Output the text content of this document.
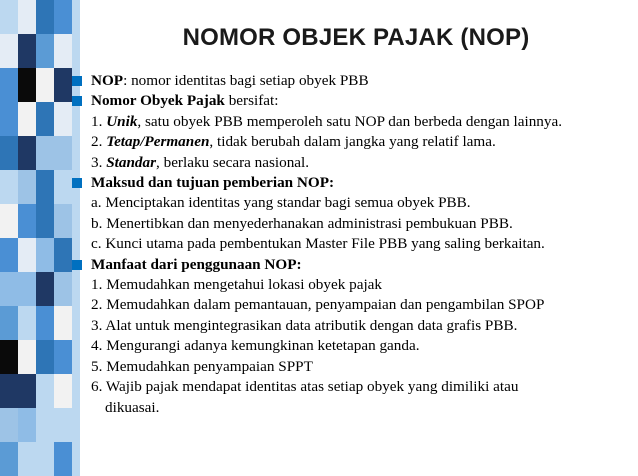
NOMOR OBJEK PAJAK (NOP)
NOP: nomor identitas bagi setiap obyek PBB
Nomor Obyek Pajak bersifat:
1. Unik, satu obyek PBB memperoleh satu NOP dan berbeda dengan lainnya.
2. Tetap/Permanen, tidak berubah dalam jangka yang relatif lama.
3. Standar, berlaku secara nasional.
Maksud dan tujuan pemberian NOP:
a. Menciptakan identitas yang standar bagi semua obyek PBB.
b. Menertibkan dan menyederhanakan administrasi pembukuan PBB.
c. Kunci utama pada pembentukan Master File PBB yang saling berkaitan.
Manfaat dari penggunaan NOP:
1. Memudahkan mengetahui lokasi obyek pajak
2. Memudahkan dalam pemantauan, penyampaian dan pengambilan SPOP
3. Alat untuk mengintegrasikan data atributik dengan data grafis PBB.
4. Mengurangi adanya kemungkinan ketetapan ganda.
5. Memudahkan penyampaian SPPT
6. Wajib pajak mendapat identitas atas setiap obyek yang dimiliki atau
dikuasai.
